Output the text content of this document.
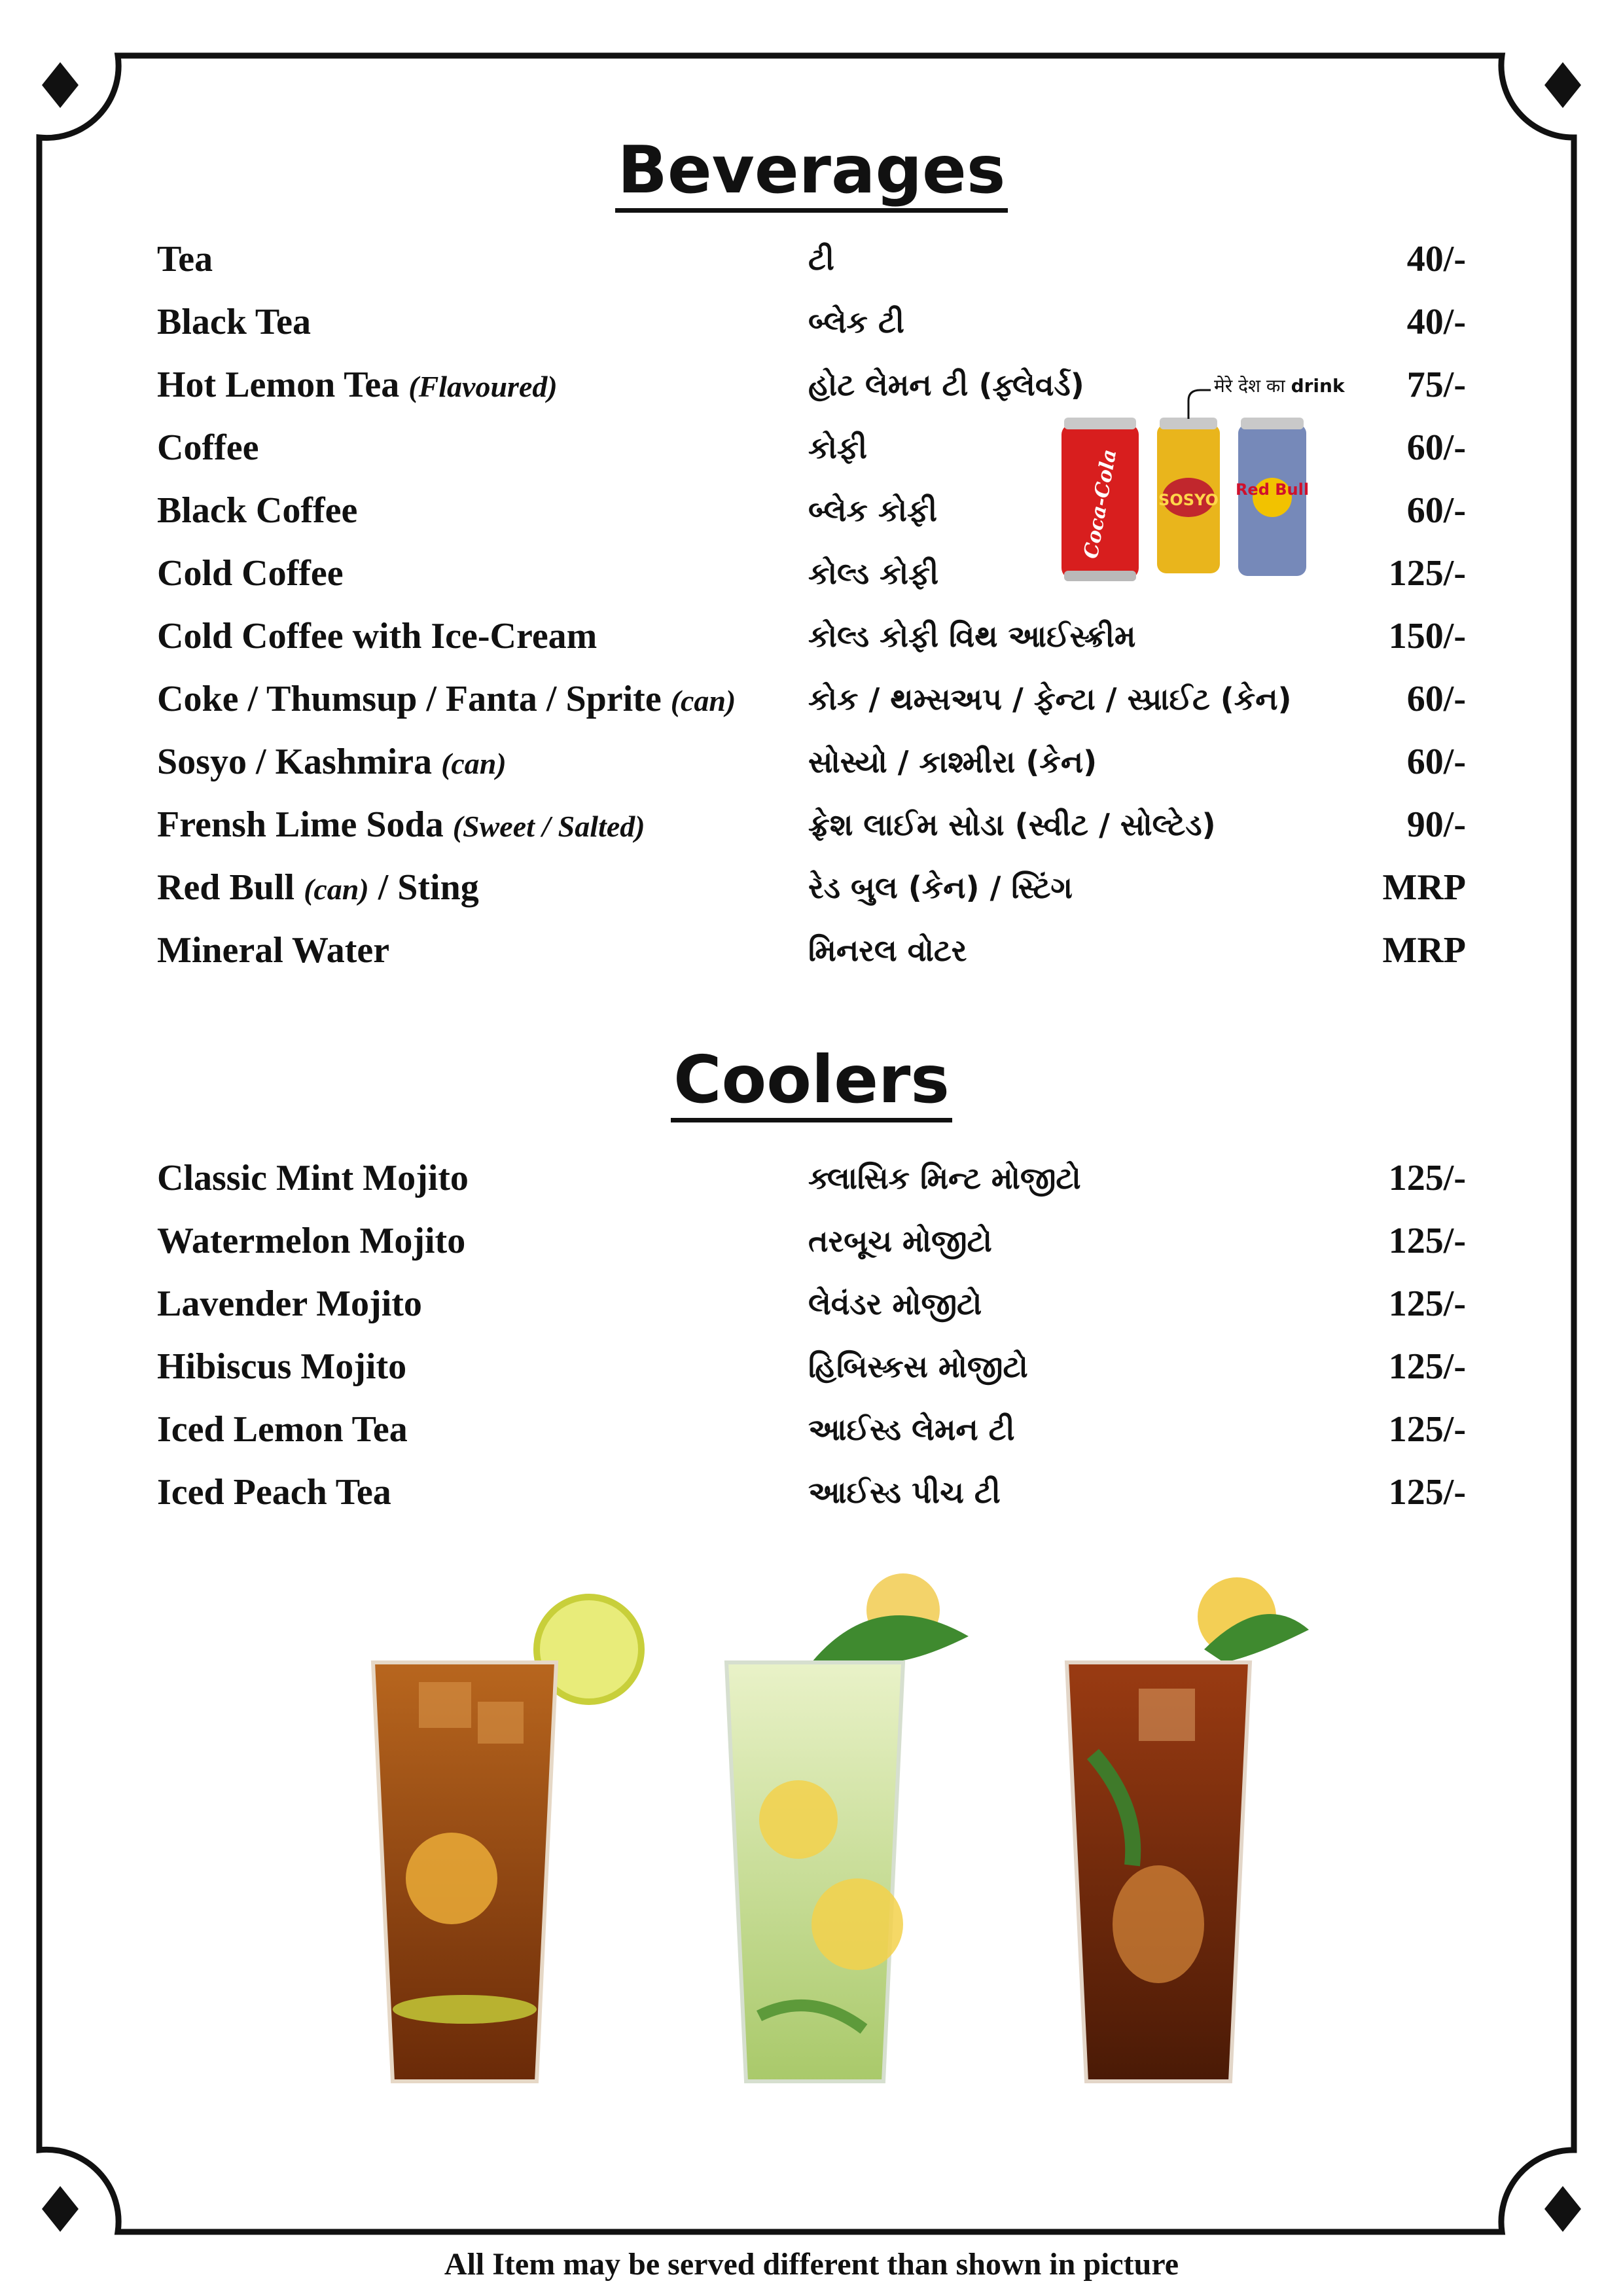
Beverages
Tea	ટી	40/-
Black Tea	બ્લેક ટી	40/-
Hot Lemon Tea (Flavoured)	હોટ લેમન ટી (ફ્લેવર્ડ)	75/-
Coffee	કોફી	60/-
Black Coffee	બ્લેક કોફી	60/-
Cold Coffee	કોલ્ડ કોફી	125/-
Cold Coffee with Ice-Cream	કોલ્ડ કોફી વિથ આઈસ્ક્રીમ	150/-
Coke / Thumsup / Fanta / Sprite (can) કોક / થમ્સઅપ / ફેન્ટા / સ્પ્રાઈટ (કેન)	60/-
Sosyo / Kashmira (can)	સોસ્યો / કાશ્મીરા (કેન)	60/-
Frensh Lime Soda (Sweet / Salted)	ફ્રેશ લાઈમ સોડા (સ્વીટ / સોલ્ટેડ)	90/-
Red Bull (can) / Sting	રેડ બુલ (કેન) / સ્ટિંગ	MRP
Mineral Water	મિનરલ વોટર	MRP
Coca-Cola SOSYO
Red Bull
मेरे देश का drink
Coolers
Classic Mint Mojito	ક્લાસિક મિન્ટ મોજીટો	125/-
Watermelon Mojito	તરબૂચ મોજીટો	125/-
Lavender Mojito	લેવંડર મોજીટો	125/-
Hibiscus Mojito	હિબિસ્કસ મોજીટો	125/-
Iced Lemon Tea	આઈસ્ડ લેમન ટી	125/-
Iced Peach Tea	આઈસ્ડ પીચ ટી	125/-
All Item may be served different than shown in picture
